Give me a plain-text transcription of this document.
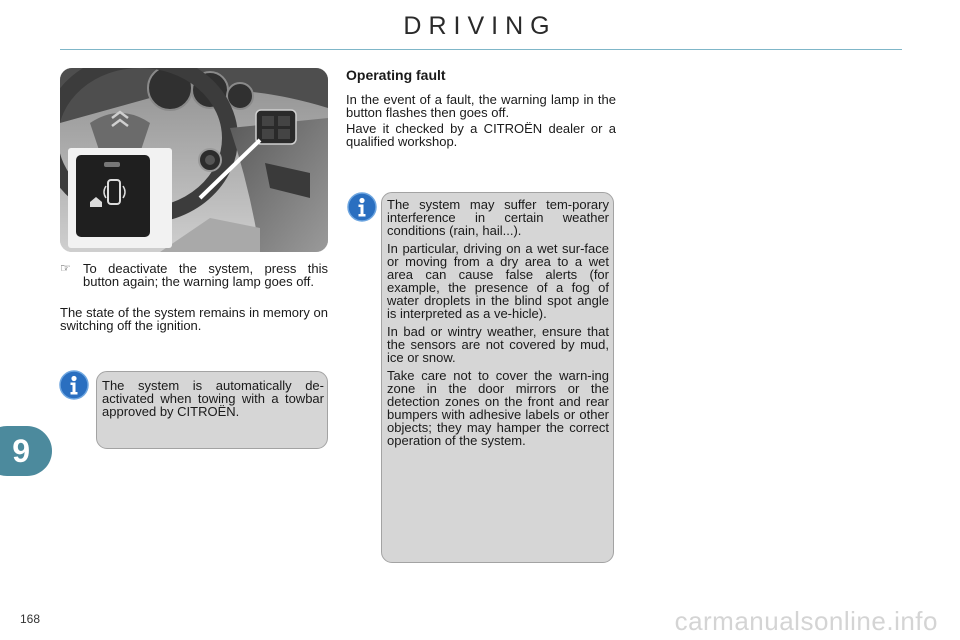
DRIVING
☞ To deactivate the system, press this button again; the warning lamp goes off.

The state of the system remains in memory on switching off the ignition.

The system is automatically de-activated when towing with a towbar approved by CITROËN.

Operating fault

In the event of a fault, the warning lamp in the button flashes then goes off.

Have it checked by a CITROËN dealer or a qualified workshop.

The system may suffer tem-porary interference in certain weather conditions (rain, hail...).

In particular, driving on a wet sur-face or moving from a dry area to a wet area can cause false alerts (for example, the presence of a fog of water droplets in the blind spot angle is interpreted as a ve-hicle).

In bad or wintry weather, ensure that the sensors are not covered by mud, ice or snow.

Take care not to cover the warn-ing zone in the door mirrors or the detection zones on the front and rear bumpers with adhesive labels or other objects; they may hamper the correct operation of the system.

9
168	carmanualsonline.info
